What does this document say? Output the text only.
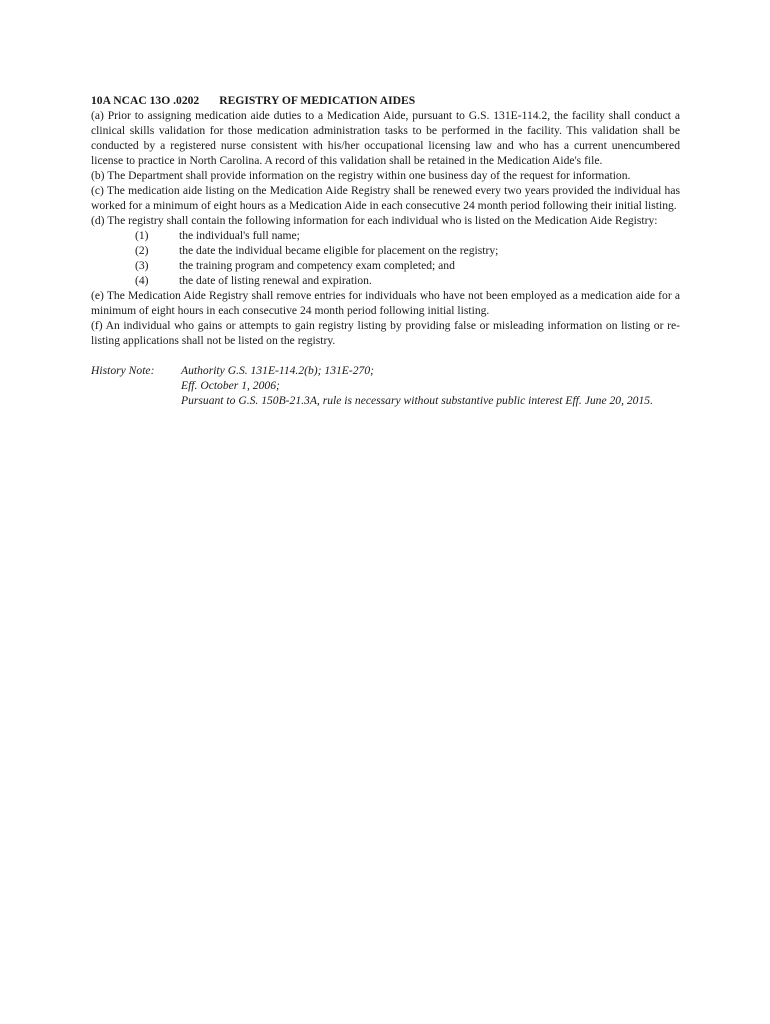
10A NCAC 13O .0202 REGISTRY OF MEDICATION AIDES

(a) Prior to assigning medication aide duties to a Medication Aide, pursuant to G.S. 131E-114.2, the facility shall conduct a clinical skills validation for those medication administration tasks to be performed in the facility. This validation shall be conducted by a registered nurse consistent with his/her occupational licensing law and who has a current unencumbered license to practice in North Carolina. A record of this validation shall be retained in the Medication Aide's file.

(b) The Department shall provide information on the registry within one business day of the request for information.

(c) The medication aide listing on the Medication Aide Registry shall be renewed every two years provided the individual has worked for a minimum of eight hours as a Medication Aide in each consecutive 24 month period following their initial listing.

(d) The registry shall contain the following information for each individual who is listed on the Medication Aide Registry:

(1)	the individual's full name;
(2)	the date the individual became eligible for placement on the registry;
(3)	the training program and competency exam completed; and
(4)	the date of listing renewal and expiration.

(e) The Medication Aide Registry shall remove entries for individuals who have not been employed as a medication aide for a minimum of eight hours in each consecutive 24 month period following initial listing.

(f) An individual who gains or attempts to gain registry listing by providing false or misleading information on listing or re-listing applications shall not be listed on the registry.

History Note:	Authority G.S. 131E-114.2(b); 131E-270;
Eff. October 1, 2006;
Pursuant to G.S. 150B-21.3A, rule is necessary without substantive public interest Eff. June 20, 2015.
